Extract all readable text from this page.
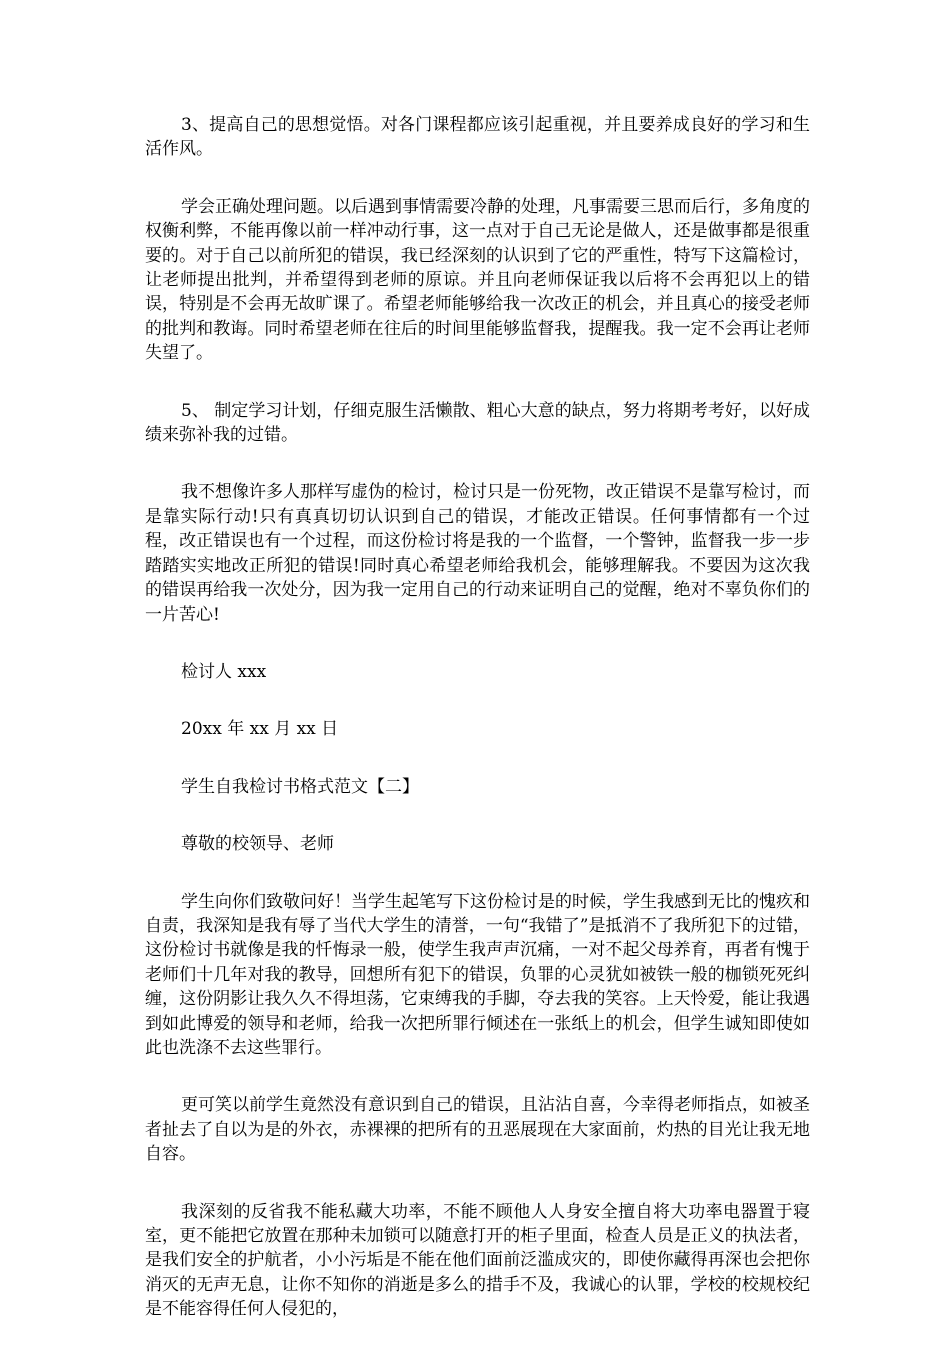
3、提高自己的思想觉悟。对各门课程都应该引起重视，并且要养成良好的学习和生活作风。

学会正确处理问题。以后遇到事情需要冷静的处理，凡事需要三思而后行，多角度的权衡利弊，不能再像以前一样冲动行事，这一点对于自己无论是做人，还是做事都是很重要的。对于自己以前所犯的错误，我已经深刻的认识到了它的严重性，特写下这篇检讨，让老师提出批判，并希望得到老师的原谅。并且向老师保证我以后将不会再犯以上的错误，特别是不会再无故旷课了。希望老师能够给我一次改正的机会，并且真心的接受老师的批判和教诲。同时希望老师在往后的时间里能够监督我，提醒我。我一定不会再让老师失望了。

5、 制定学习计划，仔细克服生活懒散、粗心大意的缺点，努力将期考考好，以好成绩来弥补我的过错。

我不想像许多人那样写虚伪的检讨，检讨只是一份死物，改正错误不是靠写检讨，而是靠实际行动!只有真真切切认识到自己的错误，才能改正错误。任何事情都有一个过程，改正错误也有一个过程，而这份检讨将是我的一个监督，一个警钟，监督我一步一步踏踏实实地改正所犯的错误!同时真心希望老师给我机会，能够理解我。不要因为这次我的错误再给我一次处分，因为我一定用自己的行动来证明自己的觉醒，绝对不辜负你们的一片苦心!

检讨人 xxx

20xx 年 xx 月 xx 日

学生自我检讨书格式范文【二】

尊敬的校领导、老师

学生向你们致敬问好！当学生起笔写下这份检讨是的时候，学生我感到无比的愧疚和自责，我深知是我有辱了当代大学生的清誉，一句“我错了”是抵消不了我所犯下的过错，这份检讨书就像是我的忏悔录一般，使学生我声声沉痛，一对不起父母养育，再者有愧于老师们十几年对我的教导，回想所有犯下的错误，负罪的心灵犹如被铁一般的枷锁死死纠缠，这份阴影让我久久不得坦荡，它束缚我的手脚，夺去我的笑容。上天怜爱，能让我遇到如此博爱的领导和老师，给我一次把所罪行倾述在一张纸上的机会，但学生诚知即使如此也洗涤不去这些罪行。

更可笑以前学生竟然没有意识到自己的错误，且沾沾自喜，今幸得老师指点，如被圣者扯去了自以为是的外衣，赤裸裸的把所有的丑恶展现在大家面前，灼热的目光让我无地自容。

我深刻的反省我不能私藏大功率，不能不顾他人人身安全擅自将大功率电器置于寝室，更不能把它放置在那种未加锁可以随意打开的柜子里面，检查人员是正义的执法者，是我们安全的护航者，小小污垢是不能在他们面前泛滥成灾的，即使你藏得再深也会把你消灭的无声无息，让你不知你的消逝是多么的措手不及，我诚心的认罪，学校的校规校纪是不能容得任何人侵犯的，
